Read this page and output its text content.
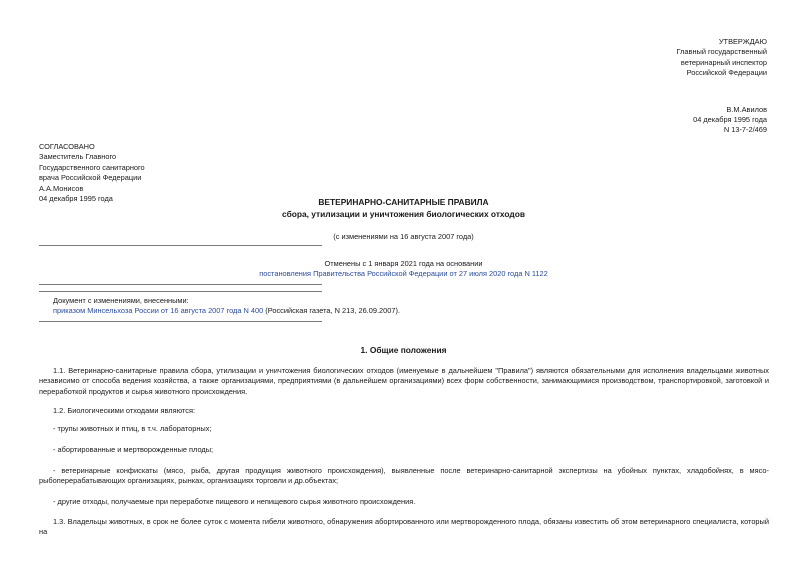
УТВЕРЖДАЮ
Главный государственный
ветеринарный инспектор
Российской Федерации
В.М.Авилов
04 декабря 1995 года
N 13-7-2/469
СОГЛАСОВАНО
Заместитель Главного
Государственного санитарного
врача Российской Федерации
А.А.Монисов
04 декабря 1995 года	ВЕТЕРИНАРНО-САНИТАРНЫЕ ПРАВИЛА
сбора, утилизации и уничтожения биологических отходов
(с изменениями на 16 августа 2007 года)
Отменены с 1 января 2021 года на основании
постановления Правительства Российской Федерации от 27 июля 2020 года N 1122
Документ с изменениями, внесенными:
приказом Минсельхоза России от 16 августа 2007 года N 400 (Российская газета, N 213, 26.09.2007).
1. Общие положения
1.1. Ветеринарно-санитарные правила сбора, утилизации и уничтожения биологических отходов (именуемые в дальнейшем "Правила") являются обязательными для исполнения владельцами животных независимо от способа ведения хозяйства, а также организациями, предприятиями (в дальнейшем организациями) всех форм собственности, занимающимися производством, транспортировкой, заготовкой и переработкой продуктов и сырья животного происхождения.
1.2. Биологическими отходами являются:
- трупы животных и птиц, в т.ч. лабораторных;
- абортированные и мертворожденные плоды;
- ветеринарные конфискаты (мясо, рыба, другая продукция животного происхождения), выявленные после ветеринарно-санитарной экспертизы на убойных пунктах, хладобойнях, в мясо-рыбоперерабатывающих организациях, рынках, организациях торговли и др.объектах;
- другие отходы, получаемые при переработке пищевого и непищевого сырья животного происхождения.
1.3. Владельцы животных, в срок не более суток с момента гибели животного, обнаружения абортированного или мертворожденного плода, обязаны известить об этом ветеринарного специалиста, который на
